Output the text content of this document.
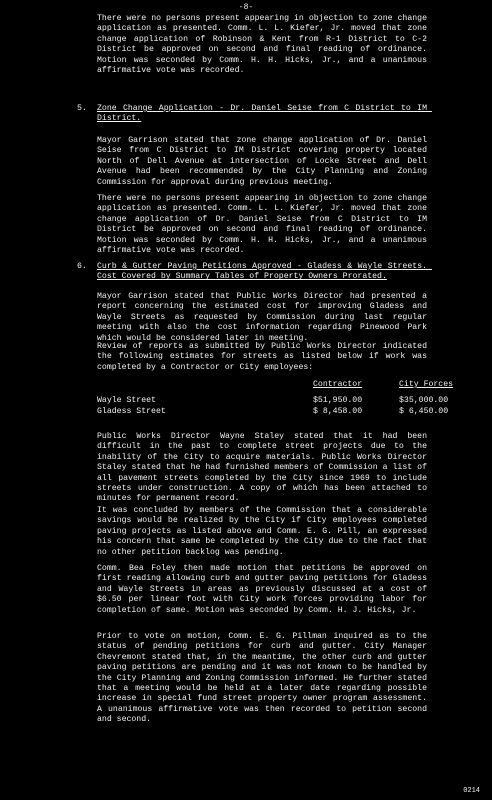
-8-
There were no persons present appearing in objection to zone change application as presented. Comm. L. L. Kiefer, Jr. moved that zone change application of Robinson & Kent from R-1 District to C-2 District be approved on second and final reading of ordinance. Motion was seconded by Comm. H. H. Hicks, Jr., and a unanimous affirmative vote was recorded.
5. Zone Change Application - Dr. Daniel Seise from C District to IM District.
Mayor Garrison stated that zone change application of Dr. Daniel Seise from C District to IM District covering property located North of Dell Avenue at intersection of Locke Street and Dell Avenue had been recommended by the City Planning and Zoning Commission for approval during previous meeting.
There were no persons present appearing in objection to zone change application as presented. Comm. L. L. Kiefer, Jr. moved that zone change application of Dr. Daniel Seise from C District to IM District be approved on second and final reading of ordinance. Motion was seconded by Comm. H. H. Hicks, Jr., and a unanimous affirmative vote was recorded.
6. Curb & Gutter Paving Petitions Approved - Gladess & Wayle Streets. Cost Covered by Summary Tables of Property Owners Prorated.
Mayor Garrison stated that Public Works Director had presented a report concerning the estimated cost for improving Gladess and Wayle Streets as requested by Commission during last regular meeting with also the cost information regarding Pinewood Park which would be considered later in meeting.
Review of reports as submitted by Public Works Director indicated the following estimates for streets as listed below if work was completed by a Contractor or City employees:
	Contractor	City Forces
Wayle Street	$51,950.00	$35,000.00
Gladess Street	$ 8,458.00	$ 6,450.00
Public Works Director Wayne Staley stated that it had been difficult in the past to complete street projects due to the inability of the City to acquire materials. Public Works Director Staley stated that he had furnished members of Commission a list of all pavement streets completed by the City since 1969 to include streets under construction. A copy of which has been attached to minutes for permanent record.
It was concluded by members of the Commission that a considerable savings would be realized by the City if City employees completed paving projects as listed above and Comm. E. G. Pill, an expressed his concern that same be completed by the City due to the fact that no other petition backlog was pending.
Comm. Bea Foley then made motion that petitions be approved on first reading allowing curb and gutter paving petitions for Gladess and Wayle Streets in areas as previously discussed at a cost of $6.50 per linear foot with City work forces providing labor for completion of same. Motion was seconded by Comm. H. J. Hicks, Jr.
Prior to vote on motion, Comm. E. G. Pillman inquired as to the status of pending petitions for curb and gutter. City Manager Chevremont stated that, in the meantime, the other curb and gutter paving petitions are pending and it was not known to be handled by the City Planning and Zoning Commission informed. He further stated that a meeting would be held at a later date regarding possible increase in special fund street property owner program assessment. A unanimous affirmative vote was then recorded to petition second and second.
0214
